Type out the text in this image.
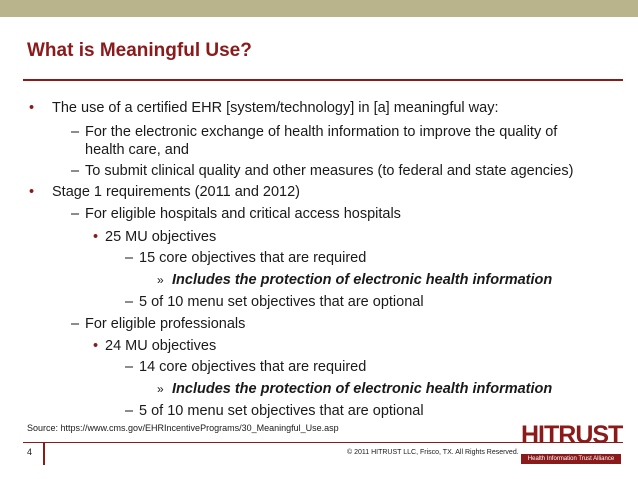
What is Meaningful Use?
• The use of a certified EHR [system/technology] in [a] meaningful way:
– For the electronic exchange of health information to improve the quality of
health care, and
– To submit clinical quality and other measures (to federal and state agencies)
• Stage 1 requirements (2011 and 2012)
– For eligible hospitals and critical access hospitals
• 25 MU objectives
– 15 core objectives that are required
» Includes the protection of electronic health information
– 5 of 10 menu set objectives that are optional
– For eligible professionals
• 24 MU objectives
– 14 core objectives that are required
» Includes the protection of electronic health information
– 5 of 10 menu set objectives that are optional
Source: https://www.cms.gov/EHRIncentivePrograms/30_Meaningful_Use.asp
4	© 2011 HITRUST LLC, Frisco, TX. All Rights Reserved.
HITRUST
Health Information Trust Alliance
